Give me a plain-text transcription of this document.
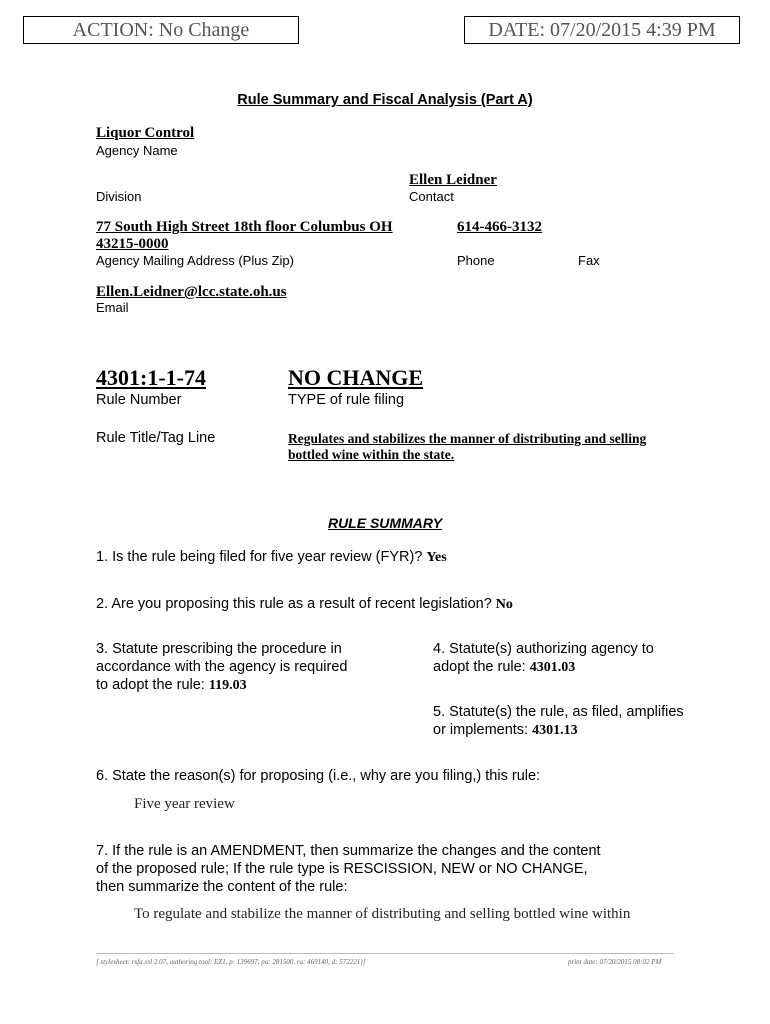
ACTION: No Change	DATE: 07/20/2015 4:39 PM
Rule Summary and Fiscal Analysis (Part A)
Liquor Control
Agency Name
Ellen Leidner
Division	Contact
77 South High Street 18th floor Columbus OH
43215-0000
614-466-3132
Agency Mailing Address (Plus Zip)	Phone	Fax
Ellen.Leidner@lcc.state.oh.us
Email
4301:1-1-74	NO CHANGE
Rule Number	TYPE of rule filing
Rule Title/Tag Line	Regulates and stabilizes the manner of distributing and selling
bottled wine within the state.
RULE SUMMARY
1. Is the rule being filed for five year review (FYR)? Yes
2. Are you proposing this rule as a result of recent legislation? No
3. Statute prescribing the procedure in
accordance with the agency is required
to adopt the rule: 119.03
4. Statute(s) authorizing agency to
adopt the rule: 4301.03
5. Statute(s) the rule, as filed, amplifies
or implements: 4301.13
6. State the reason(s) for proposing (i.e., why are you filing,) this rule:
Five year review
7. If the rule is an AMENDMENT, then summarize the changes and the content
of the proposed rule; If the rule type is RESCISSION, NEW or NO CHANGE,
then summarize the content of the rule:
To regulate and stabilize the manner of distributing and selling bottled wine within
[ stylesheet: rsfa.xsl 2.07, authoring tool: EZ1, p: 139697, pa: 281500, ra: 469140, d: 572221)]	print date: 07/20/2015 08:02 PM
